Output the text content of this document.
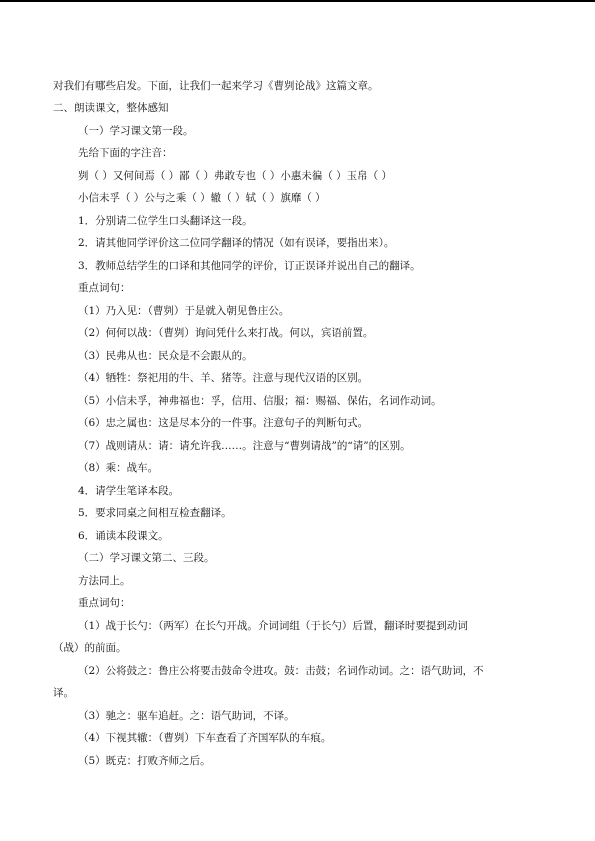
对我们有哪些启发。下面，让我们一起来学习《曹刿论战》这篇文章。
二、朗读课文，整体感知
（一）学习课文第一段。
先给下面的字注音：
刿（ ）又何间焉（ ）鄙（ ）弗敢专也（ ）小惠未徧（ ）玉帛（ ）
小信未孚（ ）公与之乘（ ）辙（ ）轼（ ）旗靡（ ）
1．分别请二位学生口头翻译这一段。
2．请其他同学评价这二位同学翻译的情况（如有误译，要指出来）。
3．教师总结学生的口译和其他同学的评价，订正误译并说出自己的翻译。
重点词句：
（1）乃入见：（曹刿）于是就入朝见鲁庄公。
（2）何何以战：（曹刿）询问凭什么来打战。何以，宾语前置。
（3）民弗从也：民众是不会跟从的。
（4）牺牲：祭祀用的牛、羊、猪等。注意与现代汉语的区别。
（5）小信未孚，神弗福也：孚，信用、信服；福：赐福、保佑，名词作动词。
（6）忠之属也：这是尽本分的一件事。注意句子的判断句式。
（7）战则请从：请：请允许我……。注意与“曹刿请战”的“请”的区别。
（8）乘：战车。
4．请学生笔译本段。
5．要求同桌之间相互检查翻译。
6．诵读本段课文。
（二）学习课文第二、三段。
方法同上。
重点词句：
（1）战于长勺：（两军）在长勺开战。介词词组（于长勺）后置，翻译时要提到动词
（战）的前面。
（2）公将鼓之：鲁庄公将要击鼓命令进攻。鼓：击鼓；名词作动词。之：语气助词，不
译。
（3）驰之：驱车追赶。之：语气助词，不译。
（4）下视其辙：（曹刿）下车查看了齐国军队的车痕。
（5）既克：打败齐师之后。
